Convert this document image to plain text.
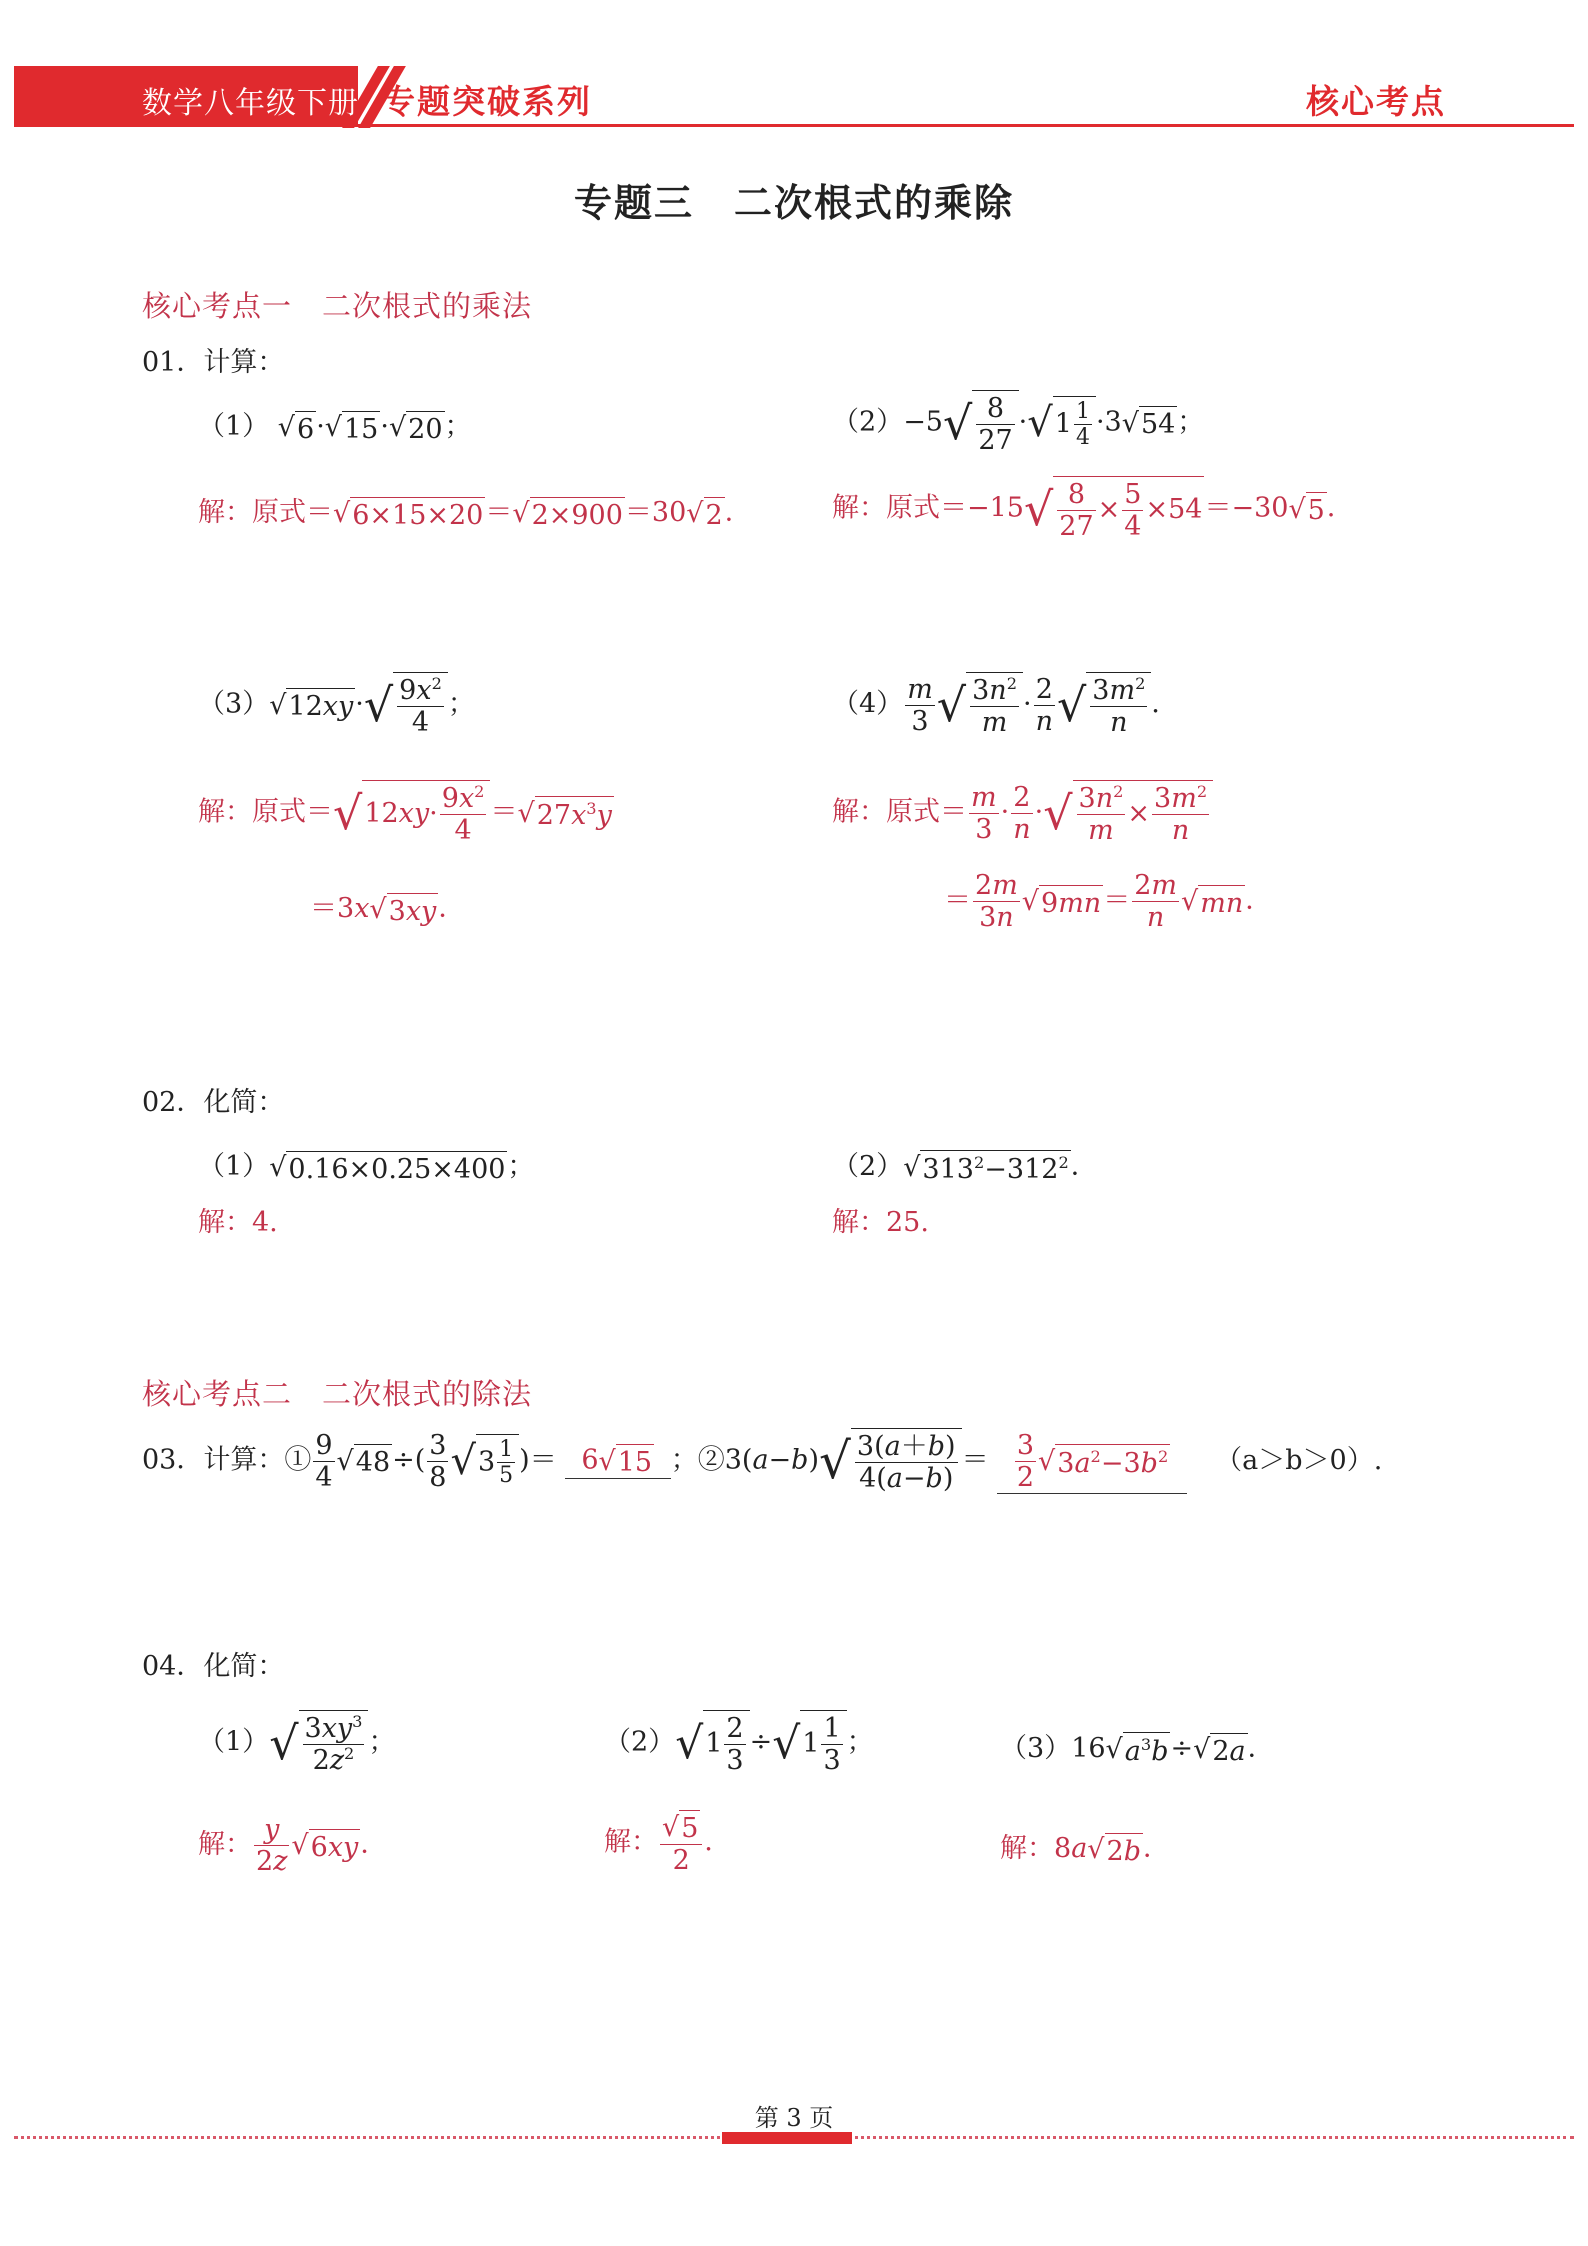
数学八年级下册 专题突破系列	核心考点
专题三　二次根式的乘除
核心考点一　二次根式的乘法
01．计算：
（1） √6·√15·√20；
解：原式＝√6×15×20＝√2×900＝30√2．
$(2)-5√ \frac{8}{27} \cdot√1 \frac{1}{4} \cdot 3√54$；
解：原式$=-15√ \frac{8}{27} \times \frac{5}{4} \times 54=-30√5$．
$(3)√12xy\cdot√ \frac{9x^2}{4}$ ；
解：原式$=√12xy\cdot \frac{9x^2}{4} =√27x^3y$
＝3x√3xy．
$(4) \frac{m}{3}$ √ $\frac{3n^2}{m} \cdot \frac{2}{n}$ √ $\frac{3m^2}{n}$ ．
解：原式＝ $\frac{m}{3} \cdot \frac{2}{n}$ ·√ $\frac{3n^2}{m} \times \frac{3m^2}{n}$
＝ $\frac{2m}{3n} √9mn= \frac{2m}{n} √mn$．
02．化简：
（1）√0.16×0.25×400；
解：4.
$(2)√313^2-312^2$．
解：25.
核心考点二　二次根式的除法
03．计算：① $\frac{9}{4} √48\div( \frac{3}{8} √3 \frac{1}{5}$ )＝ 6√15 ；②3(a−b)√ $\frac{3(a+b)}{4(a-b)} = \frac{3}{2} √3a^2-3b^2$ （a＞b＞0）.
04．化简：
$(1)√ \frac{3xy^3}{2z^2}$ ；
解： $\frac{y}{2z} √6xy$．
$(2)√1 \frac{2}{3} \div√1 \frac{1}{3}$ ；
解： $\frac{√5}{2}$ ．
$(3)16√a^3b\div√2a$．
解：8a√2b．
第 3 页
